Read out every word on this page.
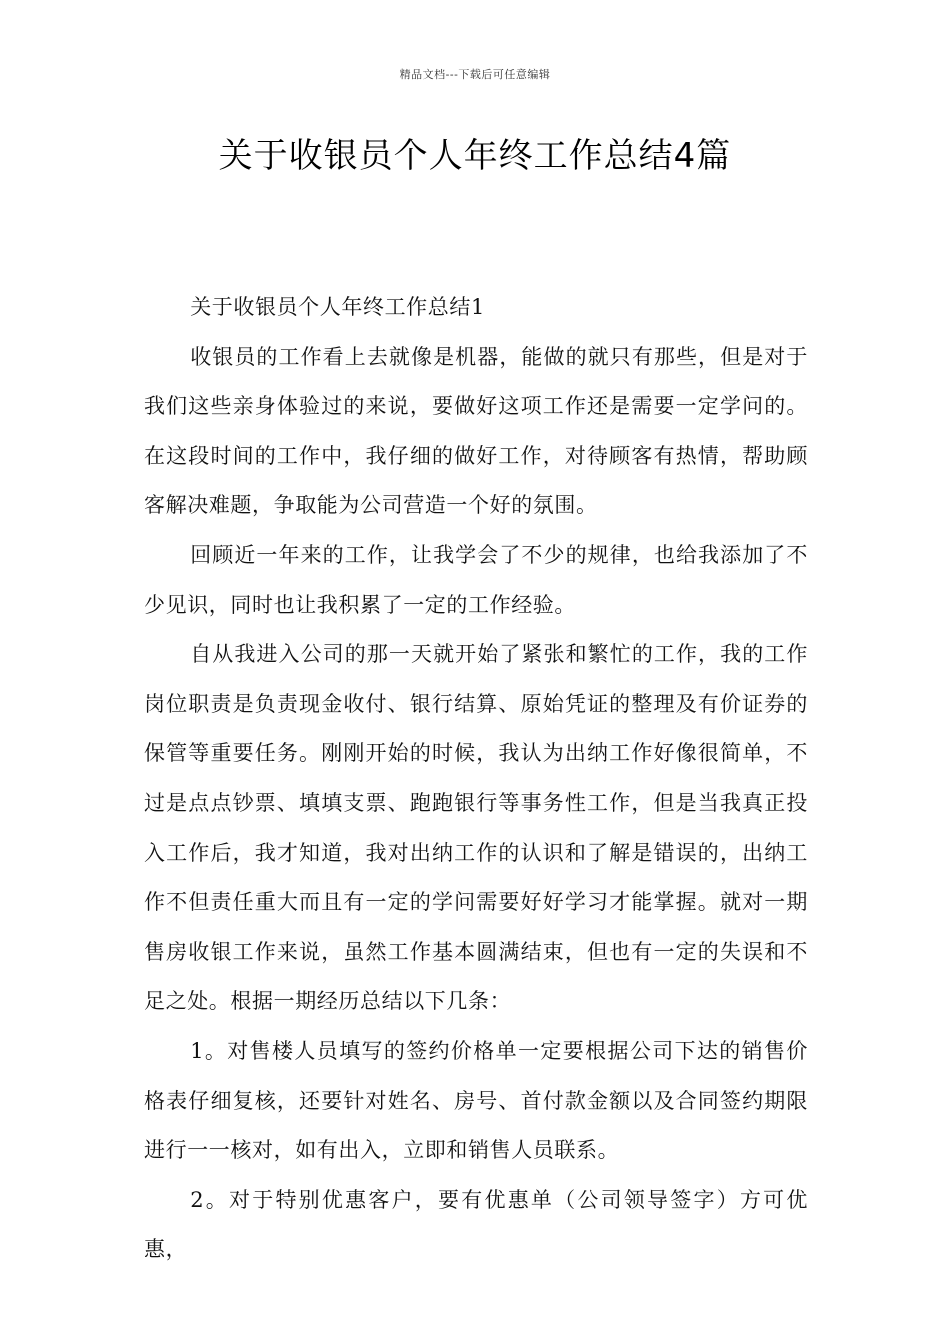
精品文档---下载后可任意编辑
关于收银员个人年终工作总结4篇

关于收银员个人年终工作总结1

收银员的工作看上去就像是机器，能做的就只有那些，但是对于我们这些亲身体验过的来说，要做好这项工作还是需要一定学问的。在这段时间的工作中，我仔细的做好工作，对待顾客有热情，帮助顾客解决难题，争取能为公司营造一个好的氛围。

回顾近一年来的工作，让我学会了不少的规律，也给我添加了不少见识，同时也让我积累了一定的工作经验。

自从我进入公司的那一天就开始了紧张和繁忙的工作，我的工作岗位职责是负责现金收付、银行结算、原始凭证的整理及有价证券的保管等重要任务。刚刚开始的时候，我认为出纳工作好像很简单，不过是点点钞票、填填支票、跑跑银行等事务性工作，但是当我真正投入工作后，我才知道，我对出纳工作的认识和了解是错误的，出纳工作不但责任重大而且有一定的学问需要好好学习才能掌握。就对一期售房收银工作来说，虽然工作基本圆满结束，但也有一定的失误和不足之处。根据一期经历总结以下几条：

1。对售楼人员填写的签约价格单一定要根据公司下达的销售价格表仔细复核，还要针对姓名、房号、首付款金额以及合同签约期限进行一一核对，如有出入，立即和销售人员联系。

2。对于特别优惠客户，要有优惠单（公司领导签字）方可优惠，
